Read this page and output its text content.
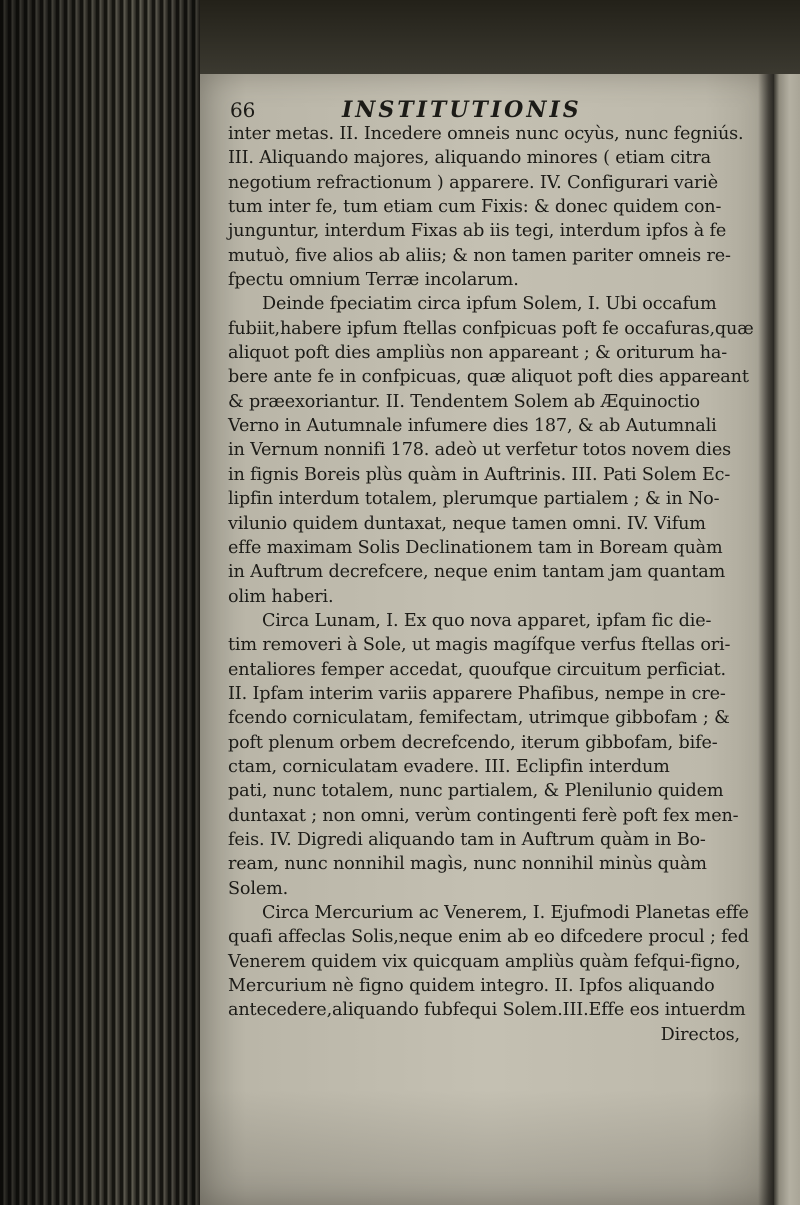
66	INSTITUTIONIS
inter metas. II. Incedere omneis nunc ocyùs, nunc fegniús.
III. Aliquando majores, aliquando minores ( etiam citra
negotium refractionum ) apparere. IV. Configurari variè
tum inter fe, tum etiam cum Fixis: & donec quidem con-
junguntur, interdum Fixas ab iis tegi, interdum ipfos à fe
mutuò, five alios ab aliis; & non tamen pariter omneis re-
fpectu omnium Terræ incolarum.
Deinde fpeciatim circa ipfum Solem, I. Ubi occafum
fubiit,habere ipfum ftellas confpicuas poft fe occafuras,quæ
aliquot poft dies ampliùs non appareant ; & oriturum ha-
bere ante fe in confpicuas, quæ aliquot poft dies appareant
& præexoriantur. II. Tendentem Solem ab Æquinoctio
Verno in Autumnale infumere dies 187, & ab Autumnali
in Vernum nonnifi 178. adeò ut verfetur totos novem dies
in fignis Boreis plùs quàm in Auftrinis. III. Pati Solem Ec-
lipfin interdum totalem, plerumque partialem ; & in No-
vilunio quidem duntaxat, neque tamen omni. IV. Vifum
effe maximam Solis Declinationem tam in Boream quàm
in Auftrum decrefcere, neque enim tantam jam quantam
olim haberi.
Circa Lunam, I. Ex quo nova apparet, ipfam fic die-
tim removeri à Sole, ut magis magífque verfus ftellas ori-
entaliores femper accedat, quoufque circuitum perficiat.
II. Ipfam interim variis apparere Phafibus, nempe in cre-
fcendo corniculatam, femifectam, utrimque gibbofam ; &
poft plenum orbem decrefcendo, iterum gibbofam, bife-
ctam, corniculatam evadere. III. Eclipfin interdum
pati, nunc totalem, nunc partialem, & Plenilunio quidem
duntaxat ; non omni, verùm contingenti ferè poft fex men-
feis. IV. Digredi aliquando tam in Auftrum quàm in Bo-
ream, nunc nonnihil magìs, nunc nonnihil minùs quàm
Solem.
Circa Mercurium ac Venerem, I. Ejufmodi Planetas effe
quafi affeclas Solis,neque enim ab eo difcedere procul ; fed
Venerem quidem vix quicquam ampliùs quàm fefqui-figno,
Mercurium nè figno quidem integro. II. Ipfos aliquando
antecedere,aliquando fubfequi Solem.III.Effe eos intuerdm
Directos,
